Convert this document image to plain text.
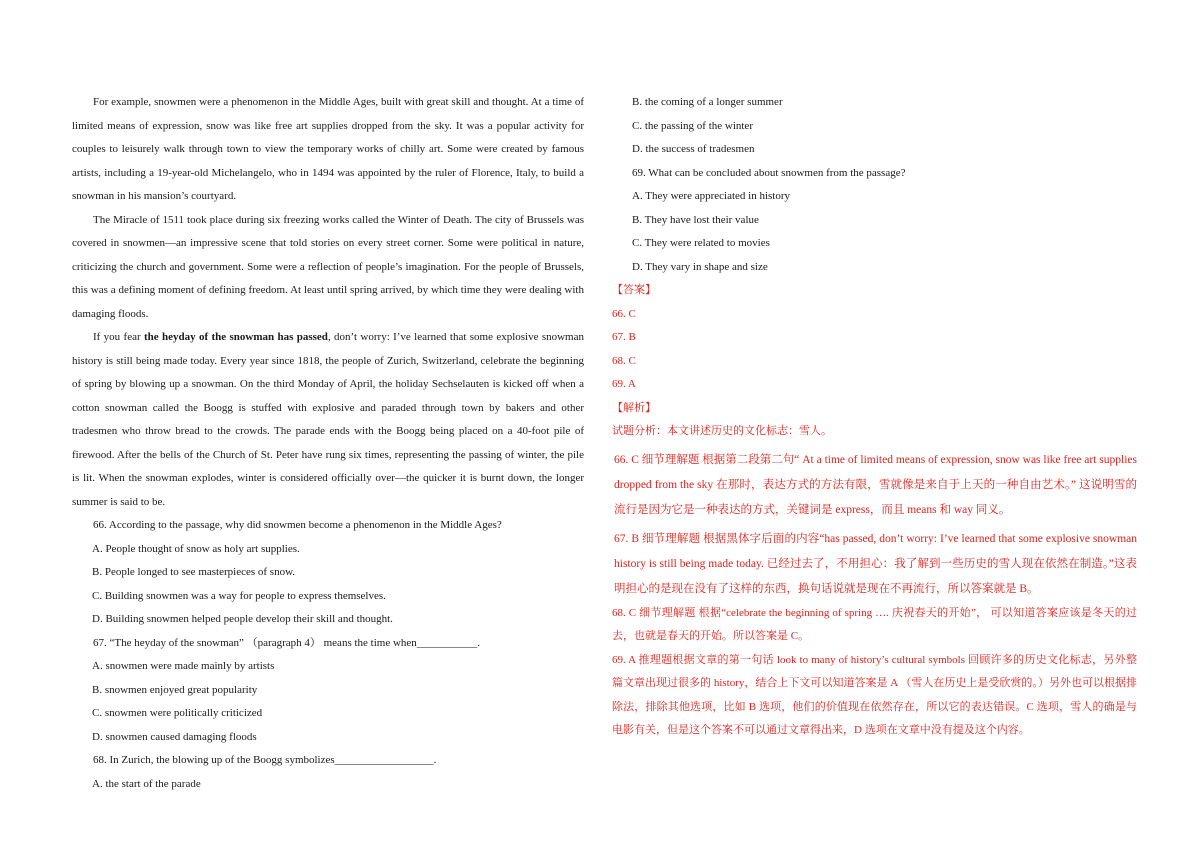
For example, snowmen were a phenomenon in the Middle Ages, built with great skill and thought. At a time of limited means of expression, snow was like free art supplies dropped from the sky. It was a popular activity for couples to leisurely walk through town to view the temporary works of chilly art. Some were created by famous artists, including a 19-year-old Michelangelo, who in 1494 was appointed by the ruler of Florence, Italy, to build a snowman in his mansion’s courtyard.

The Miracle of 1511 took place during six freezing works called the Winter of Death. The city of Brussels was covered in snowmen—an impressive scene that told stories on every street corner. Some were political in nature, criticizing the church and government. Some were a reflection of people’s imagination. For the people of Brussels, this was a defining moment of defining freedom. At least until spring arrived, by which time they were dealing with damaging floods.

If you fear the heyday of the snowman has passed, don’t worry: I’ve learned that some explosive snowman history is still being made today. Every year since 1818, the people of Zurich, Switzerland, celebrate the beginning of spring by blowing up a snowman. On the third Monday of April, the holiday Sechselauten is kicked off when a cotton snowman called the Boogg is stuffed with explosive and paraded through town by bakers and other tradesmen who throw bread to the crowds. The parade ends with the Boogg being placed on a 40-foot pile of firewood. After the bells of the Church of St. Peter have rung six times, representing the passing of winter, the pile is lit. When the snowman explodes, winter is considered officially over—the quicker it is burnt down, the longer summer is said to be.

66. According to the passage, why did snowmen become a phenomenon in the Middle Ages?

A. People thought of snow as holy art supplies.

B. People longed to see masterpieces of snow.

C. Building snowmen was a way for people to express themselves.

D. Building snowmen helped people develop their skill and thought.

67. “The heyday of the snowman” （paragraph 4） means the time when___________.

A. snowmen were made mainly by artists

B. snowmen enjoyed great popularity

C. snowmen were politically criticized

D. snowmen caused damaging floods

68. In Zurich, the blowing up of the Boogg symbolizes__________________.

A. the start of the parade

B. the coming of a longer summer

C. the passing of the winter

D. the success of tradesmen

69. What can be concluded about snowmen from the passage?

A. They were appreciated in history

B. They have lost their value

C. They were related to movies

D. They vary in shape and size

【答案】

66. C

67. B

68. C

69. A

【解析】

试题分析：本文讲述历史的文化标志：雪人。

66. C 细节理解题 根据第二段第二句“ At a time of limited means of expression, snow was like free art supplies dropped from the sky 在那时，表达方式的方法有限，雪就像是来自于上天的一种自由艺术。” 这说明雪的流行是因为它是一种表达的方式，关键词是 express，而且 means 和 way 同义。

67. B 细节理解题 根据黑体字后面的内容“has passed, don’t worry: I’ve learned that some explosive snowman history is still being made today. 已经过去了，不用担心：我了解到一些历史的雪人现在依然在制造。”这表明担心的是现在没有了这样的东西，换句话说就是现在不再流行，所以答案就是 B。

68. C 细节理解题 根据“celebrate the beginning of spring …. 庆祝春天的开始”， 可以知道答案应该是冬天的过去，也就是春天的开始。所以答案是 C。

69. A 推理题根据文章的第一句话 look to many of history’s cultural symbols 回顾许多的历史文化标志，另外整篇文章出现过很多的 history，结合上下文可以知道答案是 A （雪人在历史上是受欣赏的。）另外也可以根据排除法，排除其他选项，比如 B 选项，他们的价值现在依然存在，所以它的表达错误。C 选项，雪人的确是与电影有关，但是这个答案不可以通过文章得出来，D 选项在文章中没有提及这个内容。
